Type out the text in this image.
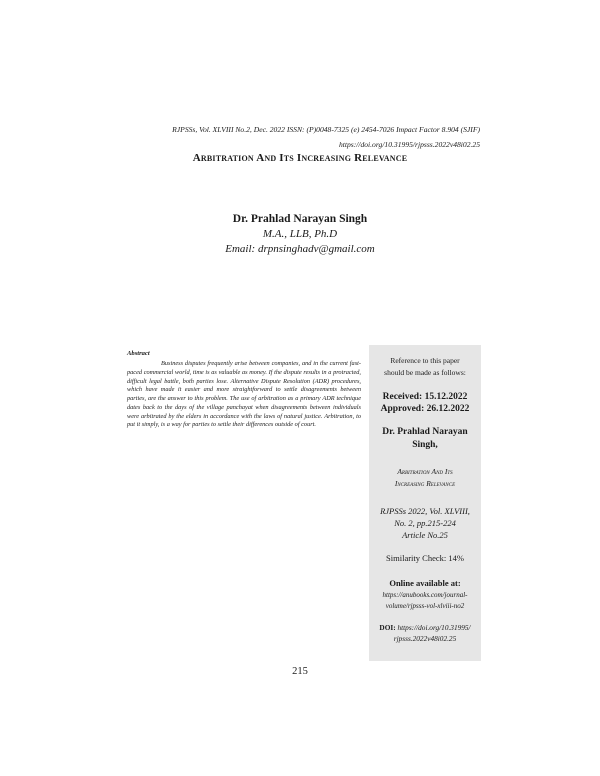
RJPSSs, Vol. XLVIII No.2, Dec. 2022 ISSN: (P)0048-7325 (e) 2454-7026 Impact Factor 8.904 (SJIF)
https://doi.org/10.31995/rjpsss.2022v48i02.25
Arbitration And Its Increasing Relevance
Dr. Prahlad Narayan Singh
M.A., LLB, Ph.D
Email: drpnsinghadv@gmail.com
Abstract
Business disputes frequently arise between companies, and in the current fast-paced commercial world, time is as valuable as money. If the dispute results in a protracted, difficult legal battle, both parties lose. Alternative Dispute Resolution (ADR) procedures, which have made it easier and more straightforward to settle disagreements between parties, are the answer to this problem. The use of arbitration as a primary ADR technique dates back to the days of the village panchayat when disagreements between individuals were arbitrated by the elders in accordance with the laws of natural justice. Arbitration, to put it simply, is a way for parties to settle their differences outside of court.
Reference to this paper
should be made as follows:
Received: 15.12.2022
Approved: 26.12.2022
Dr. Prahlad Narayan
Singh,
Arbitration And Its
Increasing Relevance
RJPSSs 2022, Vol. XLVIII,
No. 2, pp.215-224
Article No.25
Similarity Check: 14%
Online available at:
https://anubooks.com/journal-
volume/rjpsss-vol-xlviii-no2
DOI: https://doi.org/10.31995/
rjpsss.2022v48i02.25
215
